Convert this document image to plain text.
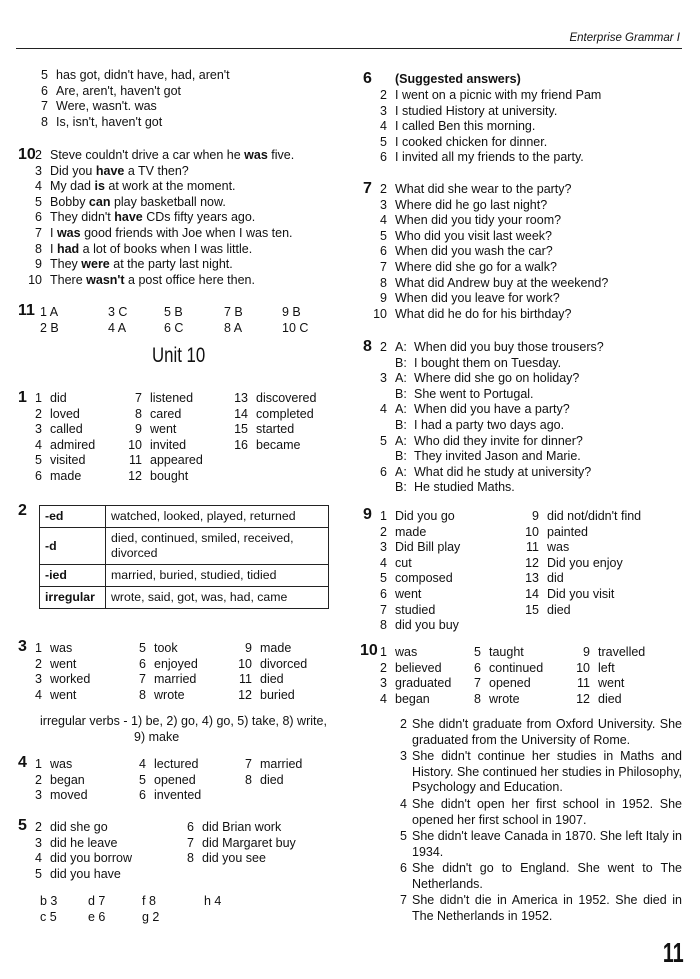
Enterprise Grammar I
5 has got, didn't have, had, aren't
6 Are, aren't, haven't got
7 Were, wasn't. was
8 Is, isn't, haven't got
10 2 Steve couldn't drive a car when he was five.
3 Did you have a TV then?
4 My dad is at work at the moment.
5 Bobby can play basketball now.
6 They didn't have CDs fifty years ago.
7 I was good friends with Joe when I was ten.
8 I had a lot of books when I was little.
9 They were at the party last night.
10 There wasn't a post office here then.
11 1 A	3 C	5 B	7 B	9 B
2 B	4 A	6 C	8 A	10 C
Unit 10
1 1 did
2 loved
3 called
4 admired
5 visited
6 made
7 listened
8 cared
9 went
10 invited
11 appeared
12 bought
13 discovered
14 completed
15 started
16 became
2 -ed	watched, looked, played, returned
-d	died, continued, smiled, received, divorced
-ied	married, buried, studied, tidied
irregular	wrote, said, got, was, had, came
3 1 was
2 went
3 worked
4 went
5 took
6 enjoyed
7 married
8 wrote
9 made
10 divorced
11 died
12 buried
irregular verbs - 1) be, 2) go, 4) go, 5) take, 8) write,
9) make
4 1 was
2 began
3 moved
4 lectured
5 opened
6 invented
7 married
8 died
5 2 did she go
3 did he leave
4 did you borrow
5 did you have
6 did Brian work
7 did Margaret buy
8 did you see
b 3 d 7	f 8	h 4
c 5	e 6	g 2
6 (Suggested answers)
2 I went on a picnic with my friend Pam
3 I studied History at university.
4 I called Ben this morning.
5 I cooked chicken for dinner.
6 I invited all my friends to the party.
7 2 What did she wear to the party?
3 Where did he go last night?
4 When did you tidy your room?
5 Who did you visit last week?
6 When did you wash the car?
7 Where did she go for a walk?
8 What did Andrew buy at the weekend?
9 When did you leave for work?
10 What did he do for his birthday?
8 2 A: When did you buy those trousers?
B: I bought them on Tuesday.
3 A: Where did she go on holiday?
B: She went to Portugal.
4 A: When did you have a party?
B: I had a party two days ago.
5 A: Who did they invite for dinner?
B: They invited Jason and Marie.
6 A: What did he study at university?
B: He studied Maths.
9 1 Did you go
2 made
3 Did Bill play
4 cut
5 composed
6 went
7 studied
8 did you buy
9 did not/didn't find
10 painted
11 was
12 Did you enjoy
13 did
14 Did you visit
15 died
10 1 was
2 believed
3 graduated
4 began
5 taught
6 continued
7 opened
8 wrote
9 travelled
10 left
11 went
12 died
2 She didn't graduate from Oxford University. She graduated from the University of Rome.
3 She didn't continue her studies in Maths and History. She continued her studies in Philosophy, Psychology and Education.
4 She didn't open her first school in 1952. She opened her first school in 1907.
5 She didn't leave Canada in 1870. She left Italy in 1934.
6 She didn't go to England. She went to The Netherlands.
7 She didn't die in America in 1952. She died in The Netherlands in 1952.
11
